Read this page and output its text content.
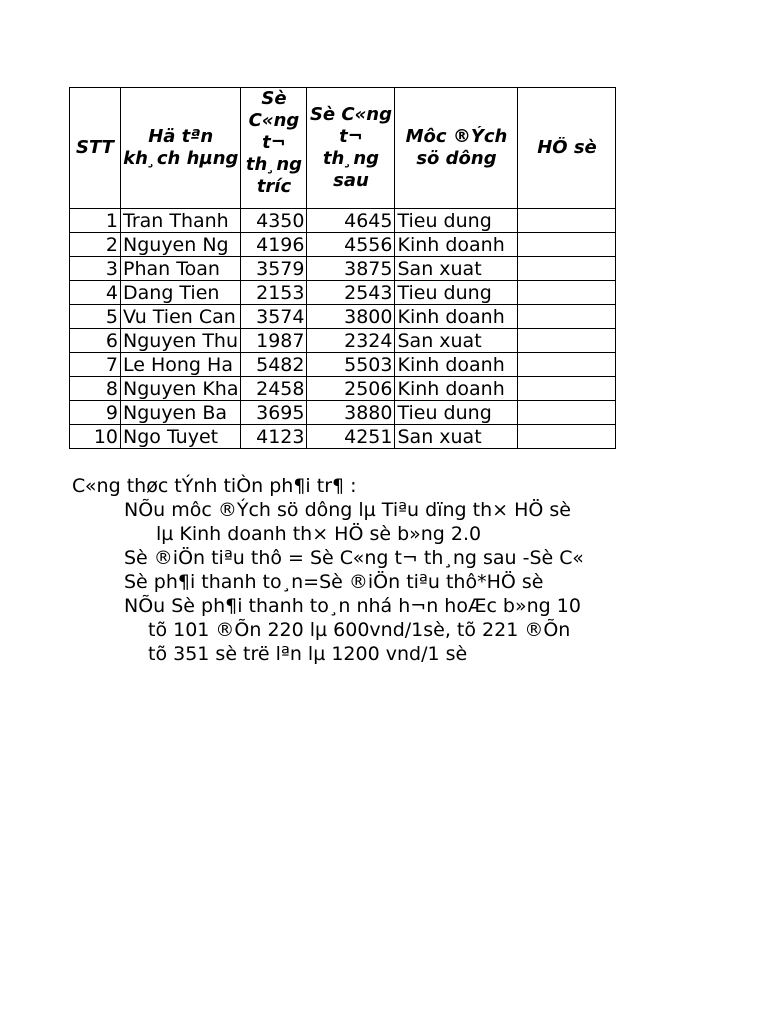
STT	Hä tªn kh¸ch hµng	Sè C«ng t¬ th¸ng tríc	Sè C«ng t¬ th¸ng sau	Môc ®Ých sö dông	HÖ sè

1	Tran Thanh	4350	4645	Tieu dung	
2	Nguyen Ng	4196	4556	Kinh doanh	
3	Phan Toan	3579	3875	San xuat	
4	Dang Tien	2153	2543	Tieu dung	
5	Vu Tien Can	3574	3800	Kinh doanh	
6	Nguyen Thu	1987	2324	San xuat	
7	Le Hong Ha	5482	5503	Kinh doanh	
8	Nguyen Kha	2458	2506	Kinh doanh	
9	Nguyen Ba	3695	3880	Tieu dung	
10	Ngo Tuyet	4123	4251	San xuat	
C«ng thøc tÝnh tiÒn ph¶i tr¶ :
NÕu môc ®Ých sö dông lµ Tiªu dïng th× HÖ sè
lµ Kinh doanh th× HÖ sè b»ng 2.0
Sè ®iÖn tiªu thô = Sè C«ng t¬ th¸ng sau -Sè C«
Sè ph¶i thanh to¸n=Sè ®iÖn tiªu thô*HÖ sè
NÕu Sè ph¶i thanh to¸n nhá h¬n hoÆc b»ng 10
tõ 101 ®Õn 220 lµ 600vnd/1sè, tõ 221 ®Õn
tõ 351 sè trë lªn lµ 1200 vnd/1 sè
